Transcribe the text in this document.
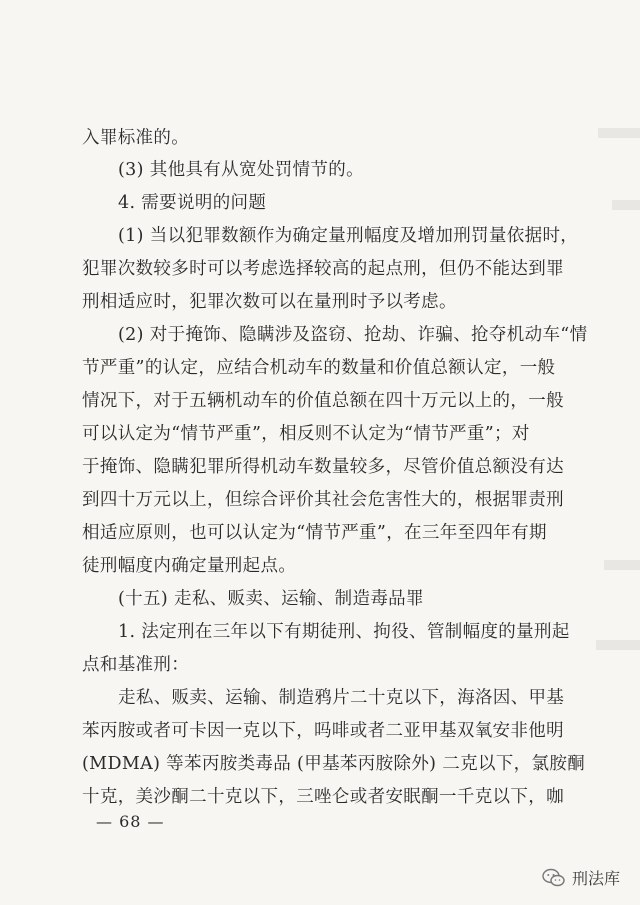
入罪标准的。
(3) 其他具有从宽处罚情节的。
4. 需要说明的问题
(1) 当以犯罪数额作为确定量刑幅度及增加刑罚量依据时，
犯罪次数较多时可以考虑选择较高的起点刑，但仍不能达到罪
刑相适应时，犯罪次数可以在量刑时予以考虑。
(2) 对于掩饰、隐瞒涉及盗窃、抢劫、诈骗、抢夺机动车“情
节严重”的认定，应结合机动车的数量和价值总额认定，一般
情况下，对于五辆机动车的价值总额在四十万元以上的，一般
可以认定为“情节严重”，相反则不认定为“情节严重”；对
于掩饰、隐瞒犯罪所得机动车数量较多，尽管价值总额没有达
到四十万元以上，但综合评价其社会危害性大的，根据罪责刑
相适应原则，也可以认定为“情节严重”，在三年至四年有期
徒刑幅度内确定量刑起点。
(十五) 走私、贩卖、运输、制造毒品罪
1. 法定刑在三年以下有期徒刑、拘役、管制幅度的量刑起
点和基准刑：
走私、贩卖、运输、制造鸦片二十克以下，海洛因、甲基
苯丙胺或者可卡因一克以下，吗啡或者二亚甲基双氧安非他明
(MDMA) 等苯丙胺类毒品 (甲基苯丙胺除外) 二克以下，氯胺酮
十克，美沙酮二十克以下，三唑仑或者安眠酮一千克以下，咖
— 68 —
刑法库
